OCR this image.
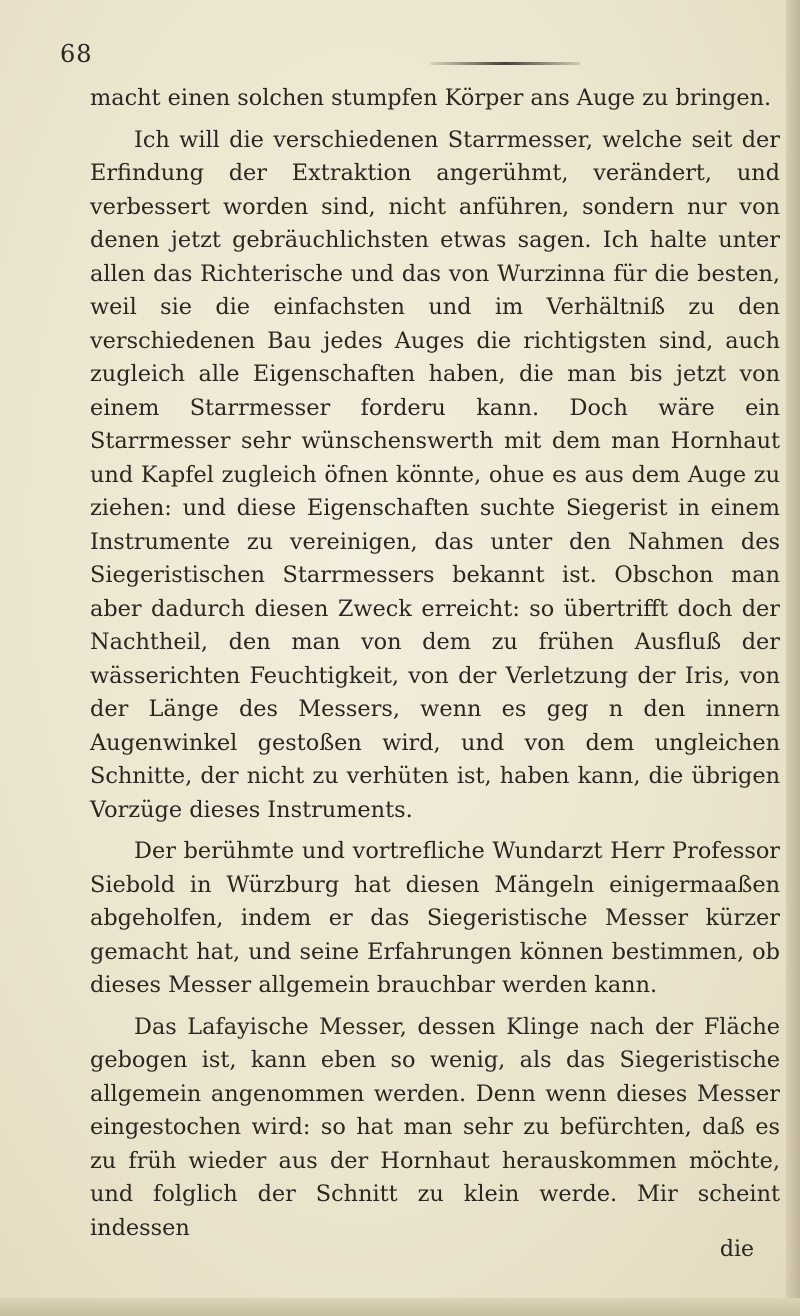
68

macht einen solchen stumpfen Körper ans Auge zu bringen.

Ich will die verschiedenen Starrmesser, welche seit der Erfindung der Extraktion angerühmt, verändert, und verbessert worden sind, nicht anführen, sondern nur von denen jetzt gebräuchlichsten etwas sagen. Ich halte unter allen das Richterische und das von Wurzinna für die besten, weil sie die einfachsten und im Verhältniß zu den verschiedenen Bau jedes Auges die richtigsten sind, auch zugleich alle Eigenschaften haben, die man bis jetzt von einem Starrmesser forderu kann. Doch wäre ein Starrmesser sehr wünschenswerth mit dem man Hornhaut und Kapfel zugleich öfnen könnte, ohue es aus dem Auge zu ziehen: und diese Eigenschaften suchte Siegerist in einem Instrumente zu vereinigen, das unter den Nahmen des Siegeristischen Starrmessers bekannt ist. Obschon man aber dadurch diesen Zweck erreicht: so übertrifft doch der Nachtheil, den man von dem zu frühen Ausfluß der wässerichten Feuchtigkeit, von der Verletzung der Iris, von der Länge des Messers, wenn es geg n den innern Augenwinkel gestoßen wird, und von dem ungleichen Schnitte, der nicht zu verhüten ist, haben kann, die übrigen Vorzüge dieses Instruments.

Der berühmte und vortrefliche Wundarzt Herr Professor Siebold in Würzburg hat diesen Mängeln einigermaaßen abgeholfen, indem er das Siegeristische Messer kürzer gemacht hat, und seine Erfahrungen können bestimmen, ob dieses Messer allgemein brauchbar werden kann.

Das Lafayische Messer, dessen Klinge nach der Fläche gebogen ist, kann eben so wenig, als das Siegeristische allgemein angenommen werden. Denn wenn dieses Messer eingestochen wird: so hat man sehr zu befürchten, daß es zu früh wieder aus der Hornhaut herauskommen möchte, und folglich der Schnitt zu klein werde. Mir scheint indessen

die
